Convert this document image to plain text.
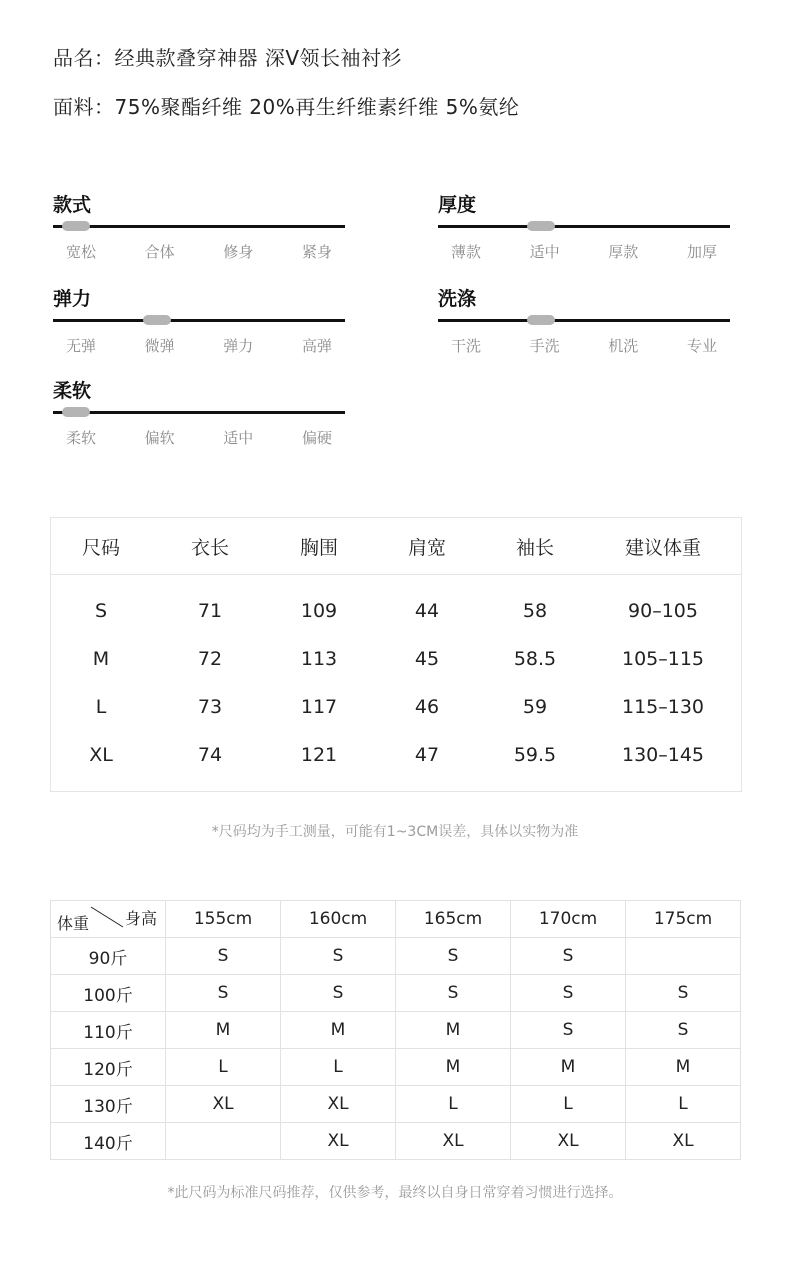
品名：经典款叠穿神器 深V领长袖衬衫
面料：75%聚酯纤维 20%再生纤维素纤维 5%氨纶
款式
宽松	合体	修身	紧身
厚度
薄款	适中	厚款	加厚
弹力
无弹	微弹	弹力	高弹
洗涤
干洗	手洗	机洗	专业
柔软
柔软	偏软	适中	偏硬
尺码	衣长	胸围	肩宽	袖长	建议体重
S	71	109	44	58	90–105
M	72	113	45	58.5	105–115
L	73	117	46	59	115–130
XL	74	121	47	59.5	130–145
*尺码均为手工测量，可能有1~3CM误差，具体以实物为准
身高
体重	155cm	160cm	165cm	170cm	175cm
90斤	S	S	S	S	
100斤	S	S	S	S	S
110斤	M	M	M	S	S
120斤	L	L	M	M	M
130斤	XL	XL	L	L	L
140斤		XL	XL	XL	XL
*此尺码为标准尺码推荐，仅供参考，最终以自身日常穿着习惯进行选择。
